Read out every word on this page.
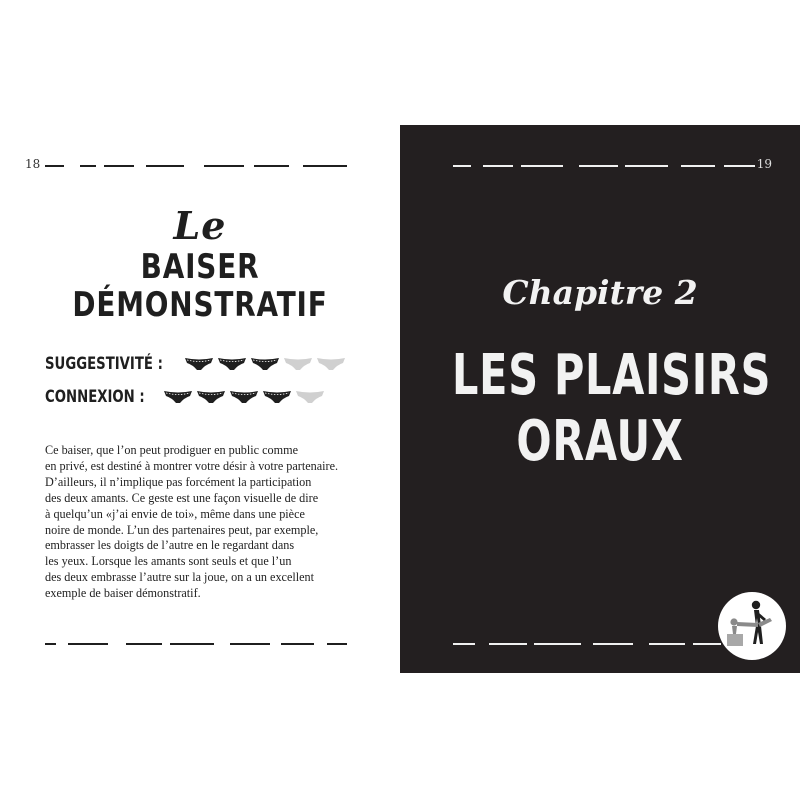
18
Le
BAISER
DÉMONSTRATIF
SUGGESTIVITÉ :
CONNEXION :
Ce baiser, que l’on peut prodiguer en public comme
en privé, est destiné à montrer votre désir à votre partenaire.
D’ailleurs, il n’implique pas forcément la participation
des deux amants. Ce geste est une façon visuelle de dire
à quelqu’un «j’ai envie de toi», même dans une pièce
noire de monde. L’un des partenaires peut, par exemple,
embrasser les doigts de l’autre en le regardant dans
les yeux. Lorsque les amants sont seuls et que l’un
des deux embrasse l’autre sur la joue, on a un excellent
exemple de baiser démonstratif.
19
Chapitre 2
LES PLAISIRS
ORAUX
